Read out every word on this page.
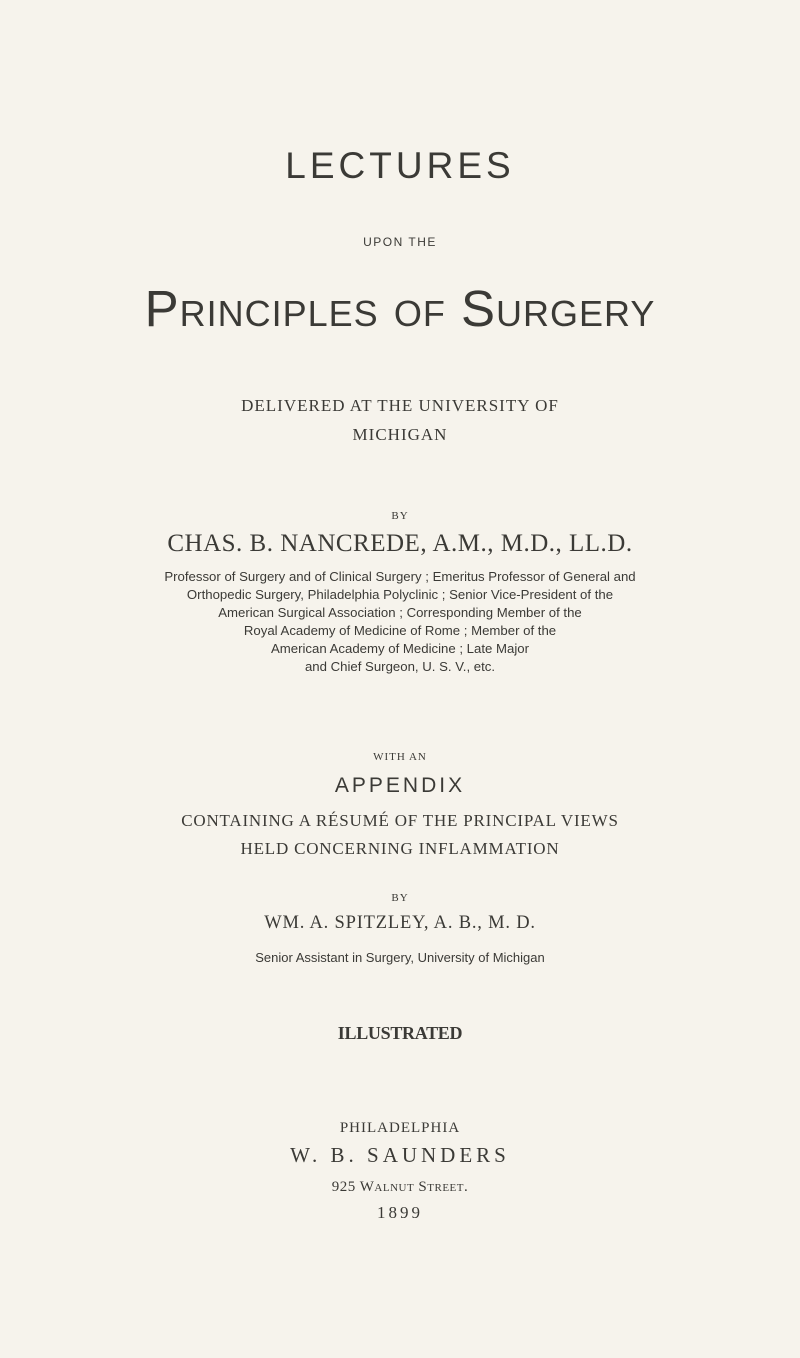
LECTURES
UPON THE
Principles of Surgery
DELIVERED AT THE UNIVERSITY OF
MICHIGAN
BY
CHAS. B. NANCREDE, A.M., M.D., LL.D.
Professor of Surgery and of Clinical Surgery ; Emeritus Professor of General and
Orthopedic Surgery, Philadelphia Polyclinic ; Senior Vice-President of the
American Surgical Association ; Corresponding Member of the
Royal Academy of Medicine of Rome ; Member of the
American Academy of Medicine ; Late Major
and Chief Surgeon, U. S. V., etc.
WITH AN
APPENDIX
CONTAINING A RÉSUMÉ OF THE PRINCIPAL VIEWS
HELD CONCERNING INFLAMMATION
BY
WM. A. SPITZLEY, A. B., M. D.
Senior Assistant in Surgery, University of Michigan
ILLUSTRATED
PHILADELPHIA
W. B. SAUNDERS
925 Walnut Street.
1899
